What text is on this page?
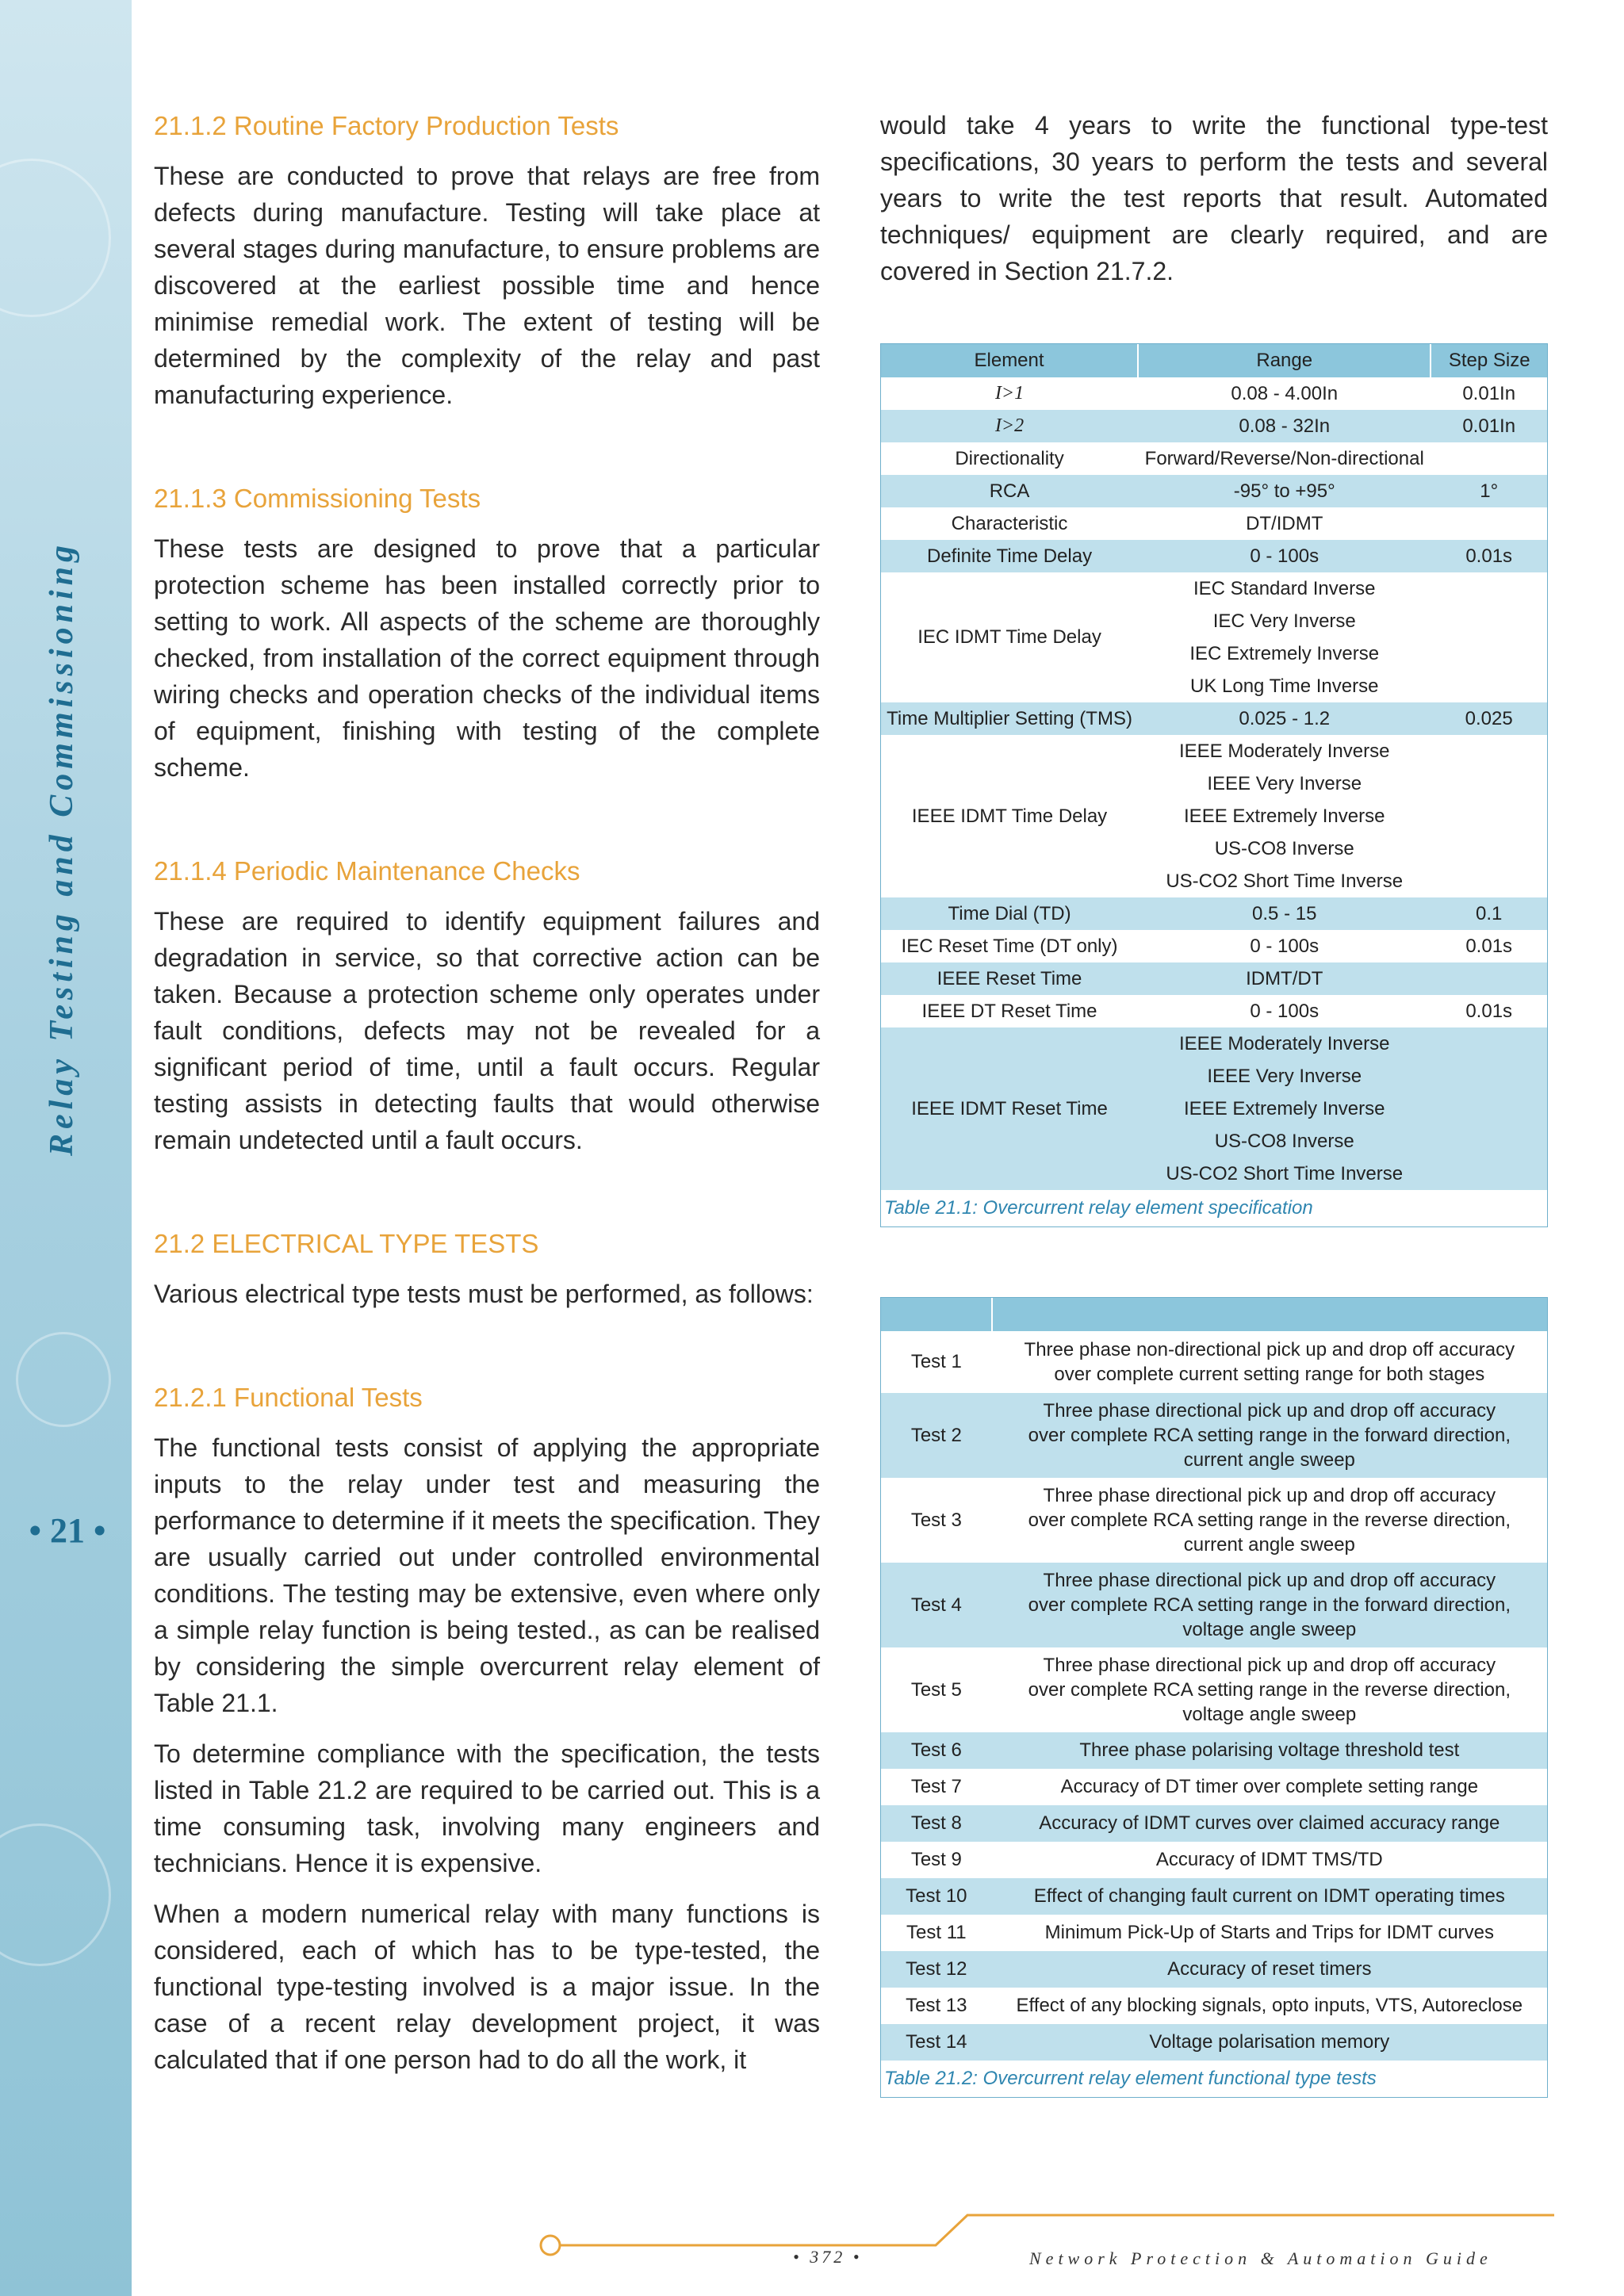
Relay Testing and Commissioning
• 21 •
21.1.2 Routine Factory Production Tests

These are conducted to prove that relays are free from defects during manufacture. Testing will take place at several stages during manufacture, to ensure problems are discovered at the earliest possible time and hence minimise remedial work. The extent of testing will be determined by the complexity of the relay and past manufacturing experience.

21.1.3 Commissioning Tests

These tests are designed to prove that a particular protection scheme has been installed correctly prior to setting to work. All aspects of the scheme are thoroughly checked, from installation of the correct equipment through wiring checks and operation checks of the individual items of equipment, finishing with testing of the complete scheme.

21.1.4 Periodic Maintenance Checks

These are required to identify equipment failures and degradation in service, so that corrective action can be taken. Because a protection scheme only operates under fault conditions, defects may not be revealed for a significant period of time, until a fault occurs. Regular testing assists in detecting faults that would otherwise remain undetected until a fault occurs.

21.2 ELECTRICAL TYPE TESTS

Various electrical type tests must be performed, as follows:

21.2.1 Functional Tests

The functional tests consist of applying the appropriate inputs to the relay under test and measuring the performance to determine if it meets the specification. They are usually carried out under controlled environmental conditions. The testing may be extensive, even where only a simple relay function is being tested., as can be realised by considering the simple overcurrent relay element of Table 21.1.

To determine compliance with the specification, the tests listed in Table 21.2 are required to be carried out. This is a time consuming task, involving many engineers and technicians. Hence it is expensive.

When a modern numerical relay with many functions is considered, each of which has to be type-tested, the functional type-testing involved is a major issue. In the case of a recent relay development project, it was calculated that if one person had to do all the work, it

would take 4 years to write the functional type-test specifications, 30 years to perform the tests and several years to write the test reports that result. Automated techniques/ equipment are clearly required, and are covered in Section 21.7.2.

Element	Range	Step Size
I>1	0.08 - 4.00In	0.01In
I>2	0.08 - 32In	0.01In
Directionality	Forward/Reverse/Non-directional	
RCA	-95° to +95°	1°
Characteristic	DT/IDMT	
Definite Time Delay	0 - 100s	0.01s
IEC IDMT Time Delay	IEC Standard Inverse	
	IEC Very Inverse	
	IEC Extremely Inverse	
	UK Long Time Inverse	
Time Multiplier Setting (TMS)	0.025 - 1.2	0.025
IEEE IDMT Time Delay	IEEE Moderately Inverse	
	IEEE Very Inverse	
	IEEE Extremely Inverse	
	US-CO8 Inverse	
	US-CO2 Short Time Inverse	
Time Dial (TD)	0.5 - 15	0.1
IEC Reset Time (DT only)	0 - 100s	0.01s
IEEE Reset Time	IDMT/DT	
IEEE DT Reset Time	0 - 100s	0.01s
IEEE IDMT Reset Time	IEEE Moderately Inverse	
	IEEE Very Inverse	
	IEEE Extremely Inverse	
	US-CO8 Inverse	
	US-CO2 Short Time Inverse	
Table 21.1: Overcurrent relay element specification

Test 1	Three phase non-directional pick up and drop off accuracy over complete current setting range for both stages
Test 2	Three phase directional pick up and drop off accuracy over complete RCA setting range in the forward direction, current angle sweep
Test 3	Three phase directional pick up and drop off accuracy over complete RCA setting range in the reverse direction, current angle sweep
Test 4	Three phase directional pick up and drop off accuracy over complete RCA setting range in the forward direction, voltage angle sweep
Test 5	Three phase directional pick up and drop off accuracy over complete RCA setting range in the reverse direction, voltage angle sweep
Test 6	Three phase polarising voltage threshold test
Test 7	Accuracy of DT timer over complete setting range
Test 8	Accuracy of IDMT curves over claimed accuracy range
Test 9	Accuracy of IDMT TMS/TD
Test 10	Effect of changing fault current on IDMT operating times
Test 11	Minimum Pick-Up of Starts and Trips for IDMT curves
Test 12	Accuracy of reset timers
Test 13	Effect of any blocking signals, opto inputs, VTS, Autoreclose
Test 14	Voltage polarisation memory
Table 21.2: Overcurrent relay element functional type tests
• 372 •	Network Protection & Automation Guide
